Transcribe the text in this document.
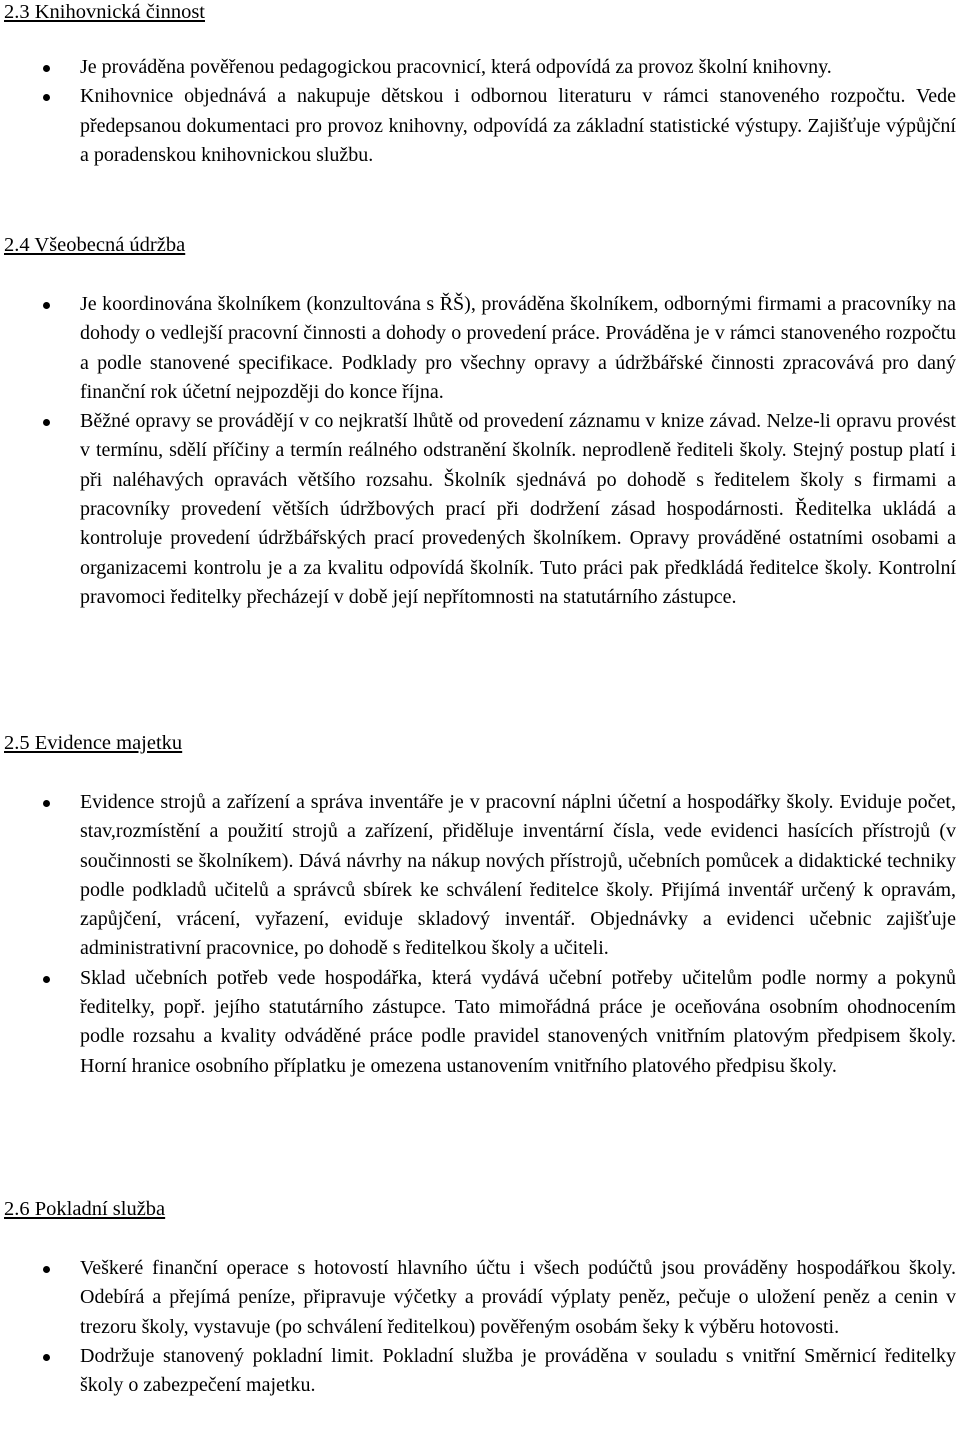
2.3 Knihovnická činnost
Je prováděna pověřenou pedagogickou pracovnicí, která odpovídá za provoz školní knihovny.
Knihovnice objednává a nakupuje dětskou i odbornou literaturu v rámci stanoveného rozpočtu. Vede předepsanou dokumentaci pro provoz knihovny, odpovídá za základní statistické výstupy. Zajišťuje výpůjční a poradenskou knihovnickou službu.
2.4 Všeobecná údržba
Je koordinována školníkem (konzultována s ŘŠ), prováděna školníkem, odbornými firmami a pracovníky na dohody o vedlejší pracovní činnosti a dohody o provedení práce. Prováděna je v rámci stanoveného rozpočtu a podle stanovené specifikace. Podklady pro všechny opravy a údržbářské činnosti zpracovává pro daný finanční rok účetní nejpozději do konce října.
Běžné opravy se provádějí v co nejkratší lhůtě od provedení záznamu v knize závad. Nelze-li opravu provést v termínu, sdělí příčiny a termín reálného odstranění školník. neprodleně řediteli školy. Stejný postup platí i při naléhavých opravách většího rozsahu. Školník sjednává po dohodě s ředitelem školy s firmami a pracovníky provedení větších údržbových prací při dodržení zásad hospodárnosti. Ředitelka ukládá a kontroluje provedení údržbářských prací provedených školníkem. Opravy prováděné ostatními osobami a organizacemi kontrolu je a za kvalitu odpovídá školník. Tuto práci pak předkládá ředitelce školy. Kontrolní pravomoci ředitelky přecházejí v době její nepřítomnosti na statutárního zástupce.
2.5 Evidence majetku
Evidence strojů a zařízení a správa inventáře je v pracovní náplni účetní a hospodářky školy. Eviduje počet, stav,rozmístění a použití strojů a zařízení, přiděluje inventární čísla, vede evidenci hasících přístrojů (v součinnosti se školníkem). Dává návrhy na nákup nových přístrojů, učebních pomůcek a didaktické techniky podle podkladů učitelů a správců sbírek ke schválení ředitelce školy. Přijímá inventář určený k opravám, zapůjčení, vrácení, vyřazení, eviduje skladový inventář. Objednávky a evidenci učebnic zajišťuje administrativní pracovnice, po dohodě s ředitelkou školy a učiteli.
Sklad učebních potřeb vede hospodářka, která vydává učební potřeby učitelům podle normy a pokynů ředitelky, popř. jejího statutárního zástupce. Tato mimořádná práce je oceňována osobním ohodnocením podle rozsahu a kvality odváděné práce podle pravidel stanovených vnitřním platovým předpisem školy. Horní hranice osobního příplatku je omezena ustanovením vnitřního platového předpisu školy.
2.6 Pokladní služba
Veškeré finanční operace s hotovostí hlavního účtu i všech podúčtů jsou prováděny hospodářkou školy. Odebírá a přejímá peníze, připravuje výčetky a provádí výplaty peněz, pečuje o uložení peněz a cenin v trezoru školy, vystavuje (po schválení ředitelkou) pověřeným osobám šeky k výběru hotovosti.
Dodržuje stanovený pokladní limit. Pokladní služba je prováděna v souladu s vnitřní Směrnicí ředitelky školy o zabezpečení majetku.
